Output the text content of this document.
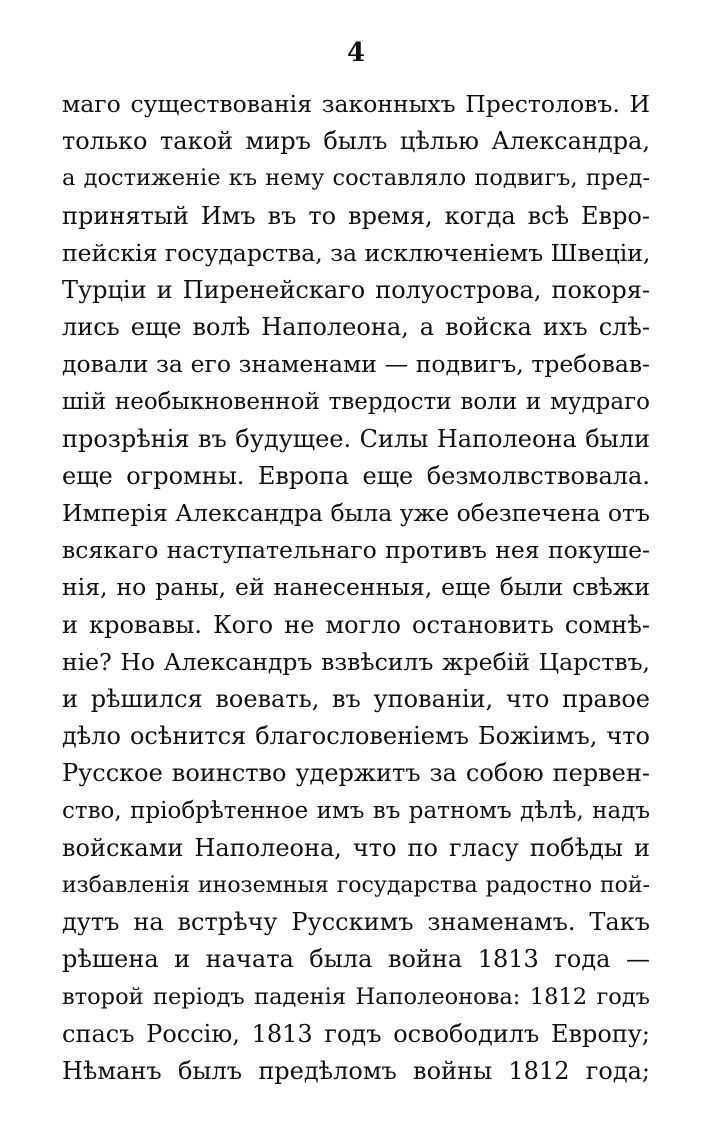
4
маго существованія законныхъ Престоловъ. И
только такой миръ былъ цѣлью Александра,
а достиженіе къ нему составляло подвигъ, пред-
принятый Имъ въ то время, когда всѣ Евро-
пейскія государства, за исключеніемъ Швеціи,
Турціи и Пиренейскаго полуострова, покоря-
лись еще волѣ Наполеона, а войска ихъ слѣ-
довали за его знаменами — подвигъ, требовав-
шій необыкновенной твердости воли и мудраго
прозрѣнія въ будущее. Силы Наполеона были
еще огромны. Европа еще безмолвствовала.
Имперія Александра была уже обезпечена отъ
всякаго наступательнаго противъ нея покуше-
нія, но раны, ей нанесенныя, еще были свѣжи
и кровавы. Кого не могло остановить сомнѣ-
ніе? Но Александръ взвѣсилъ жребій Царствъ,
и рѣшился воевать, въ упованіи, что правое
дѣло осѣнится благословеніемъ Божіимъ, что
Русское воинство удержитъ за собою первен-
ство, пріобрѣтенное имъ въ ратномъ дѣлѣ, надъ
войсками Наполеона, что по гласу побѣды и
избавленія иноземныя государства радостно пой-
дутъ на встрѣчу Русскимъ знаменамъ. Такъ
рѣшена и начата была война 1813 года —
второй періодъ паденія Наполеонова: 1812 годъ
спасъ Россію, 1813 годъ освободилъ Европу;
Нѣманъ былъ предѣломъ войны 1812 года;
